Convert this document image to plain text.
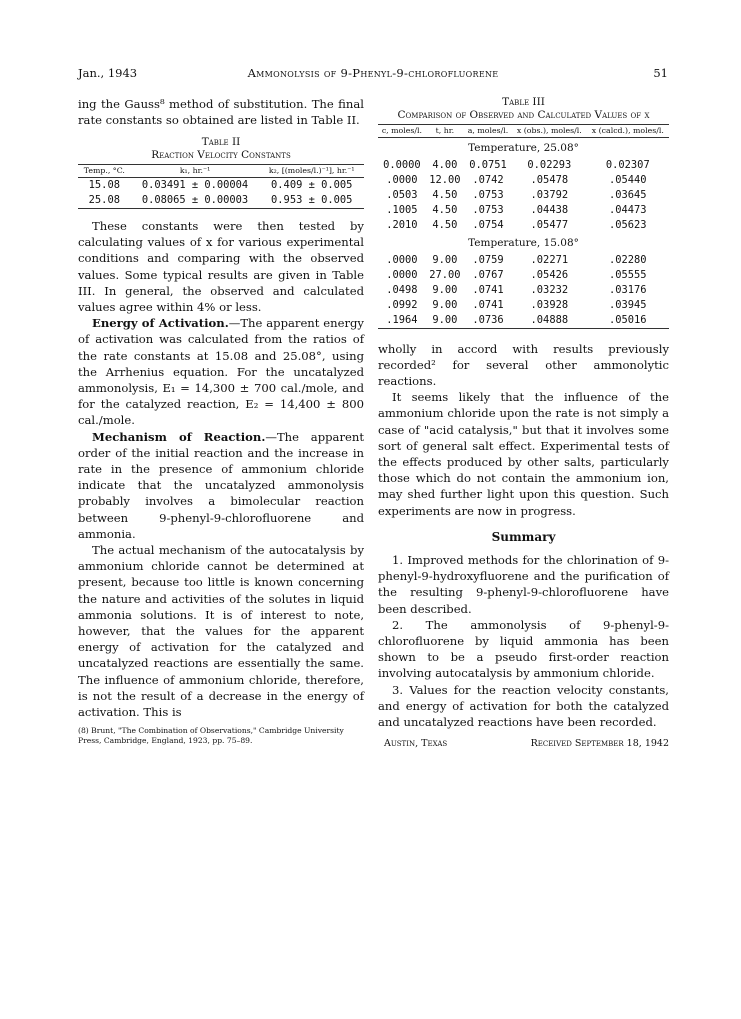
Jan., 1943	Ammonolysis of 9-Phenyl-9-chlorofluorene	51

ing the Gauss⁸ method of substitution. The final rate constants so obtained are listed in Table II.

Table II
Reaction Velocity Constants
Temp., °C.	k₁, hr.⁻¹	k₂, [(moles/l.)⁻¹], hr.⁻¹
15.08	0.03491 ± 0.00004	0.409 ± 0.005
25.08	0.08065 ± 0.00003	0.953 ± 0.005

These constants were then tested by calculating values of x for various experimental conditions and comparing with the observed values. Some typical results are given in Table III. In general, the observed and calculated values agree within 4% or less.

Energy of Activation.—The apparent energy of activation was calculated from the ratios of the rate constants at 15.08 and 25.08°, using the Arrhenius equation. For the uncatalyzed ammonolysis, E₁ = 14,300 ± 700 cal./mole, and for the catalyzed reaction, E₂ = 14,400 ± 800 cal./mole.

Mechanism of Reaction.—The apparent order of the initial reaction and the increase in rate in the presence of ammonium chloride indicate that the uncatalyzed ammonolysis probably involves a bimolecular reaction between 9-phenyl-9-chlorofluorene and ammonia.

The actual mechanism of the autocatalysis by ammonium chloride cannot be determined at present, because too little is known concerning the nature and activities of the solutes in liquid ammonia solutions. It is of interest to note, however, that the values for the apparent energy of activation for the catalyzed and uncatalyzed reactions are essentially the same. The influence of ammonium chloride, therefore, is not the result of a decrease in the energy of activation. This is

(8) Brunt, "The Combination of Observations," Cambridge University Press, Cambridge, England, 1923, pp. 75–89.
Table III
Comparison of Observed and Calculated Values of x
c, moles/l.	t, hr.	a, moles/l.	x (obs.), moles/l.	x (calcd.), moles/l.
Temperature, 25.08°				
0.0000	4.00	0.0751	0.02293	0.02307
.0000	12.00	.0742	.05478	.05440
.0503	4.50	.0753	.03792	.03645
.1005	4.50	.0753	.04438	.04473
.2010	4.50	.0754	.05477	.05623
Temperature, 15.08°				
.0000	9.00	.0759	.02271	.02280
.0000	27.00	.0767	.05426	.05555
.0498	9.00	.0741	.03232	.03176
.0992	9.00	.0741	.03928	.03945
.1964	9.00	.0736	.04888	.05016

wholly in accord with results previously recorded² for several other ammonolytic reactions.

It seems likely that the influence of the ammonium chloride upon the rate is not simply a case of "acid catalysis," but that it involves some sort of general salt effect. Experimental tests of the effects produced by other salts, particularly those which do not contain the ammonium ion, may shed further light upon this question. Such experiments are now in progress.

Summary

1. Improved methods for the chlorination of 9-phenyl-9-hydroxyfluorene and the purification of the resulting 9-phenyl-9-chlorofluorene have been described.

2. The ammonolysis of 9-phenyl-9-chlorofluorene by liquid ammonia has been shown to be a pseudo first-order reaction involving autocatalysis by ammonium chloride.

3. Values for the reaction velocity constants, and energy of activation for both the catalyzed and uncatalyzed reactions have been recorded.

Austin, Texas	Received September 18, 1942
